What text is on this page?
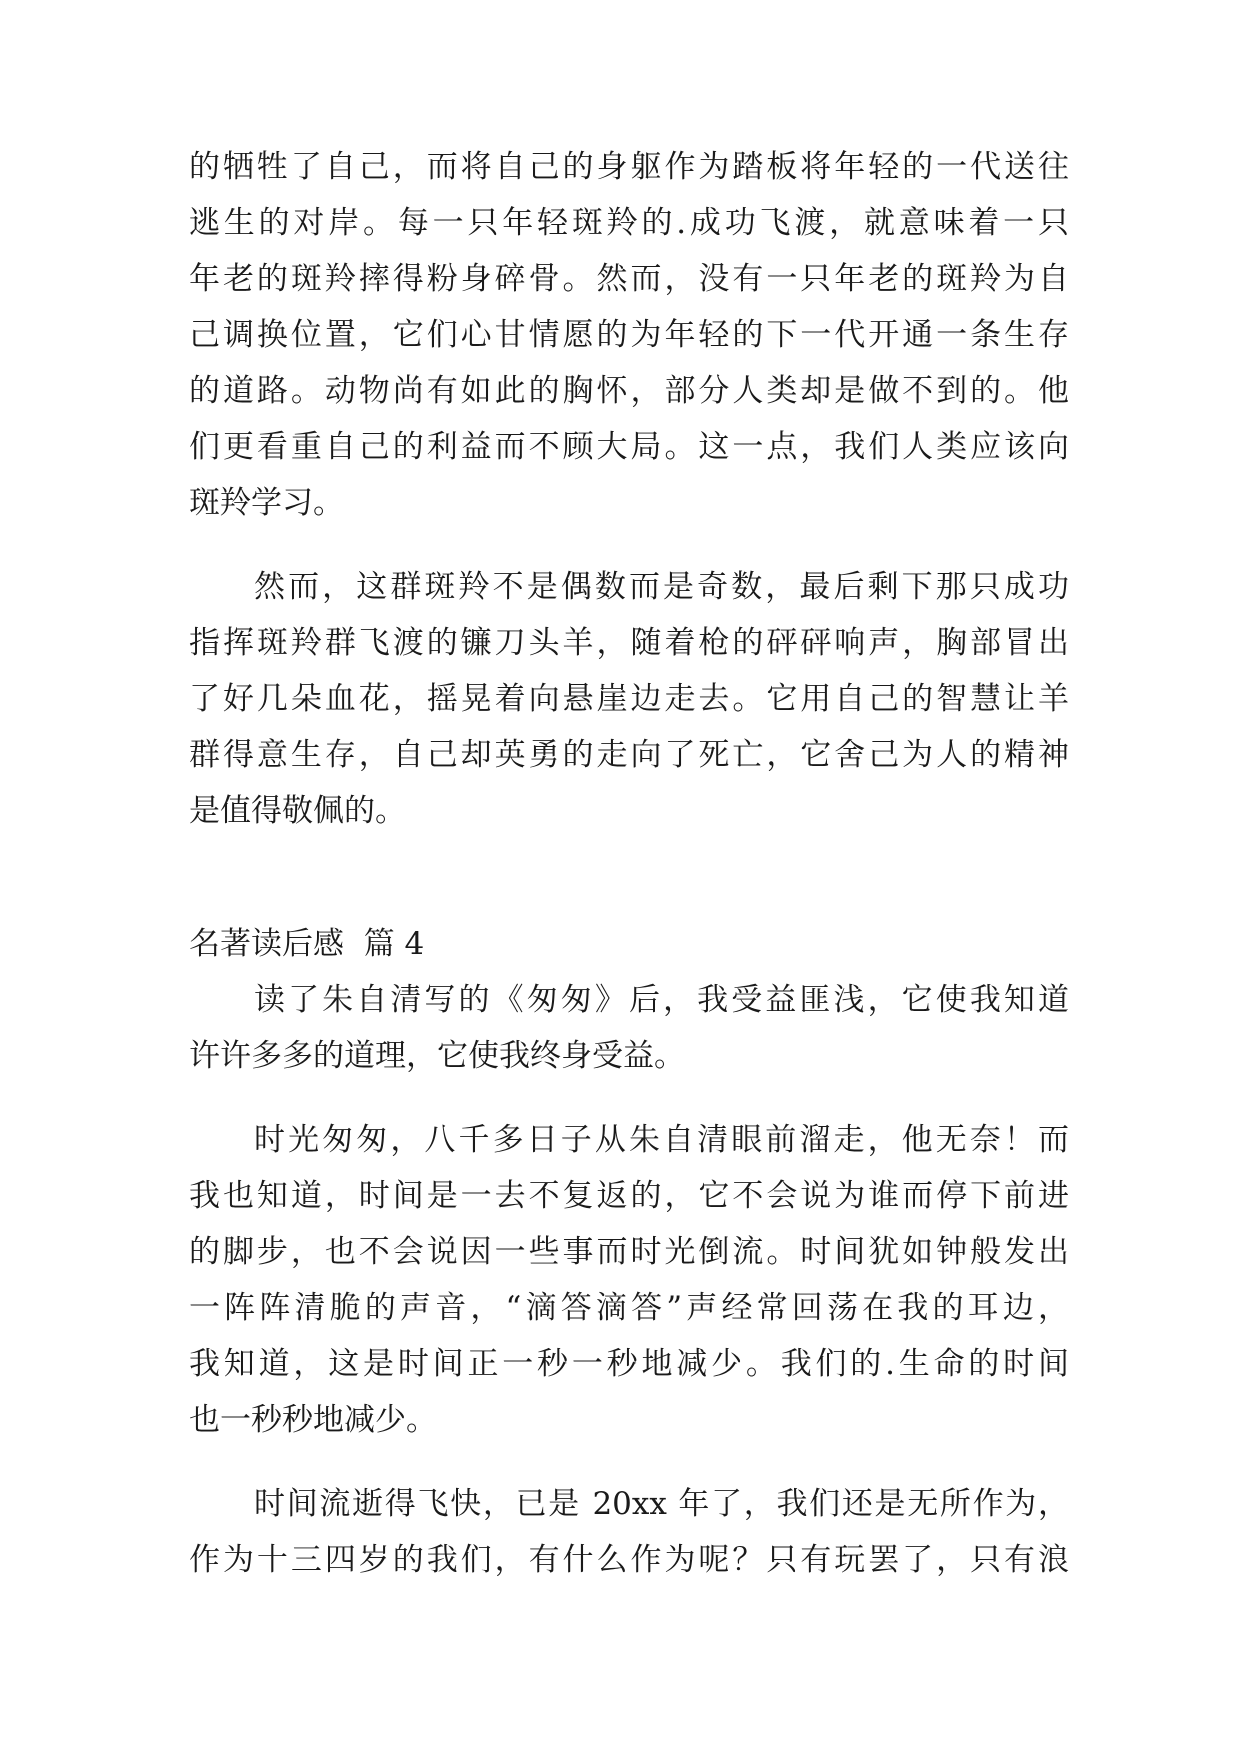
的牺牲了自己，而将自己的身躯作为踏板将年轻的一代送往
逃生的对岸。每一只年轻斑羚的.成功飞渡，就意味着一只
年老的斑羚摔得粉身碎骨。然而，没有一只年老的斑羚为自
己调换位置，它们心甘情愿的为年轻的下一代开通一条生存
的道路。动物尚有如此的胸怀，部分人类却是做不到的。他
们更看重自己的利益而不顾大局。这一点，我们人类应该向
斑羚学习。
然而，这群斑羚不是偶数而是奇数，最后剩下那只成功
指挥斑羚群飞渡的镰刀头羊，随着枪的砰砰响声，胸部冒出
了好几朵血花，摇晃着向悬崖边走去。它用自己的智慧让羊
群得意生存，自己却英勇的走向了死亡，它舍己为人的精神
是值得敬佩的。
名著读后感  篇 4
读了朱自清写的《匆匆》后，我受益匪浅，它使我知道
许许多多的道理，它使我终身受益。
时光匆匆，八千多日子从朱自清眼前溜走，他无奈！而
我也知道，时间是一去不复返的，它不会说为谁而停下前进
的脚步，也不会说因一些事而时光倒流。时间犹如钟般发出
一阵阵清脆的声音，“滴答滴答”声经常回荡在我的耳边，
我知道，这是时间正一秒一秒地减少。我们的.生命的时间
也一秒秒地减少。
时间流逝得飞快，已是 20xx 年了，我们还是无所作为，
作为十三四岁的我们，有什么作为呢？只有玩罢了，只有浪
